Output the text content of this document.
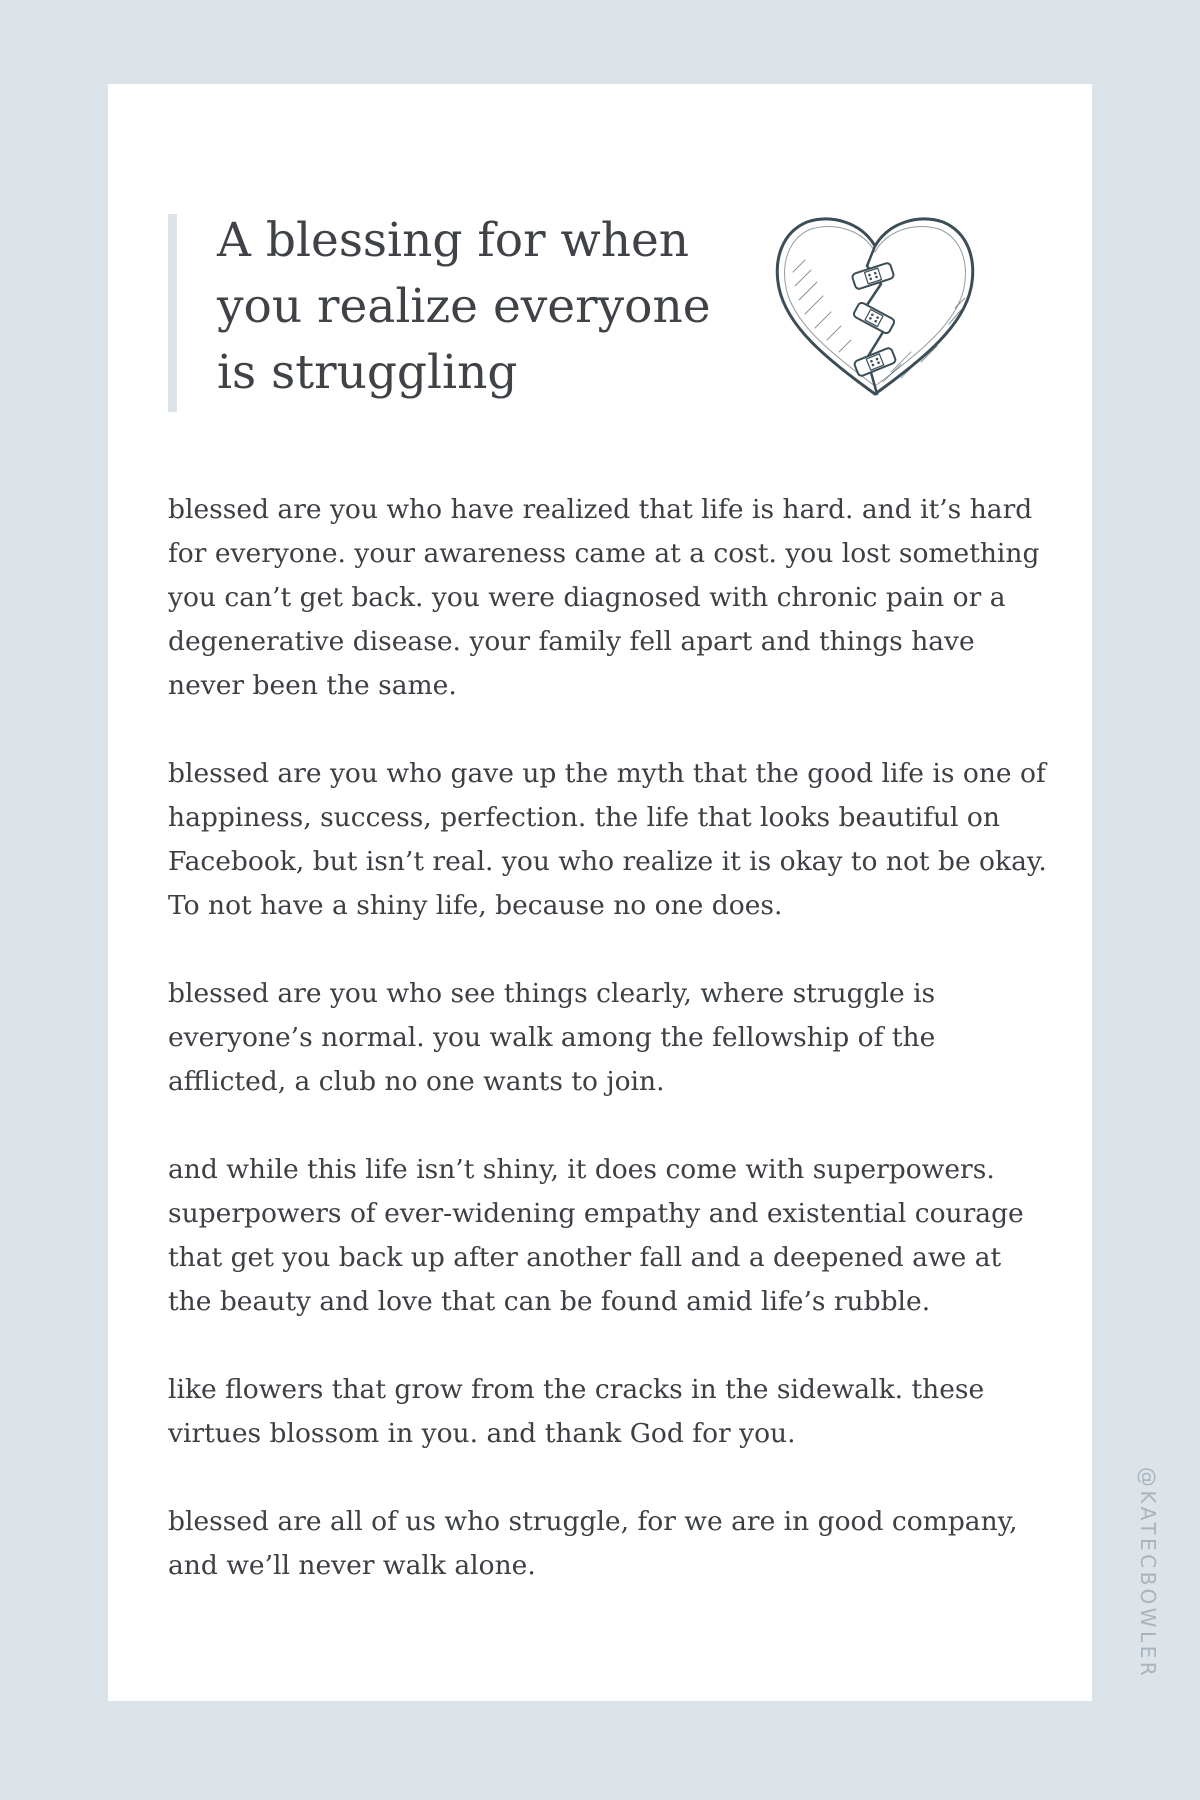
A blessing for when you realize everyone is struggling

blessed are you who have realized that life is hard. and it’s hard for everyone. your awareness came at a cost. you lost something you can’t get back. you were diagnosed with chronic pain or a degenerative disease. your family fell apart and things have never been the same.

blessed are you who gave up the myth that the good life is one of happiness, success, perfection. the life that looks beautiful on Facebook, but isn’t real. you who realize it is okay to not be okay. To not have a shiny life, because no one does.

blessed are you who see things clearly, where struggle is everyone’s normal. you walk among the fellowship of the afflicted, a club no one wants to join.

and while this life isn’t shiny, it does come with superpowers. superpowers of ever-widening empathy and existential courage that get you back up after another fall and a deepened awe at the beauty and love that can be found amid life’s rubble.

like flowers that grow from the cracks in the sidewalk. these virtues blossom in you. and thank God for you.

blessed are all of us who struggle, for we are in good company, and we’ll never walk alone.	@KATECBOWLER
